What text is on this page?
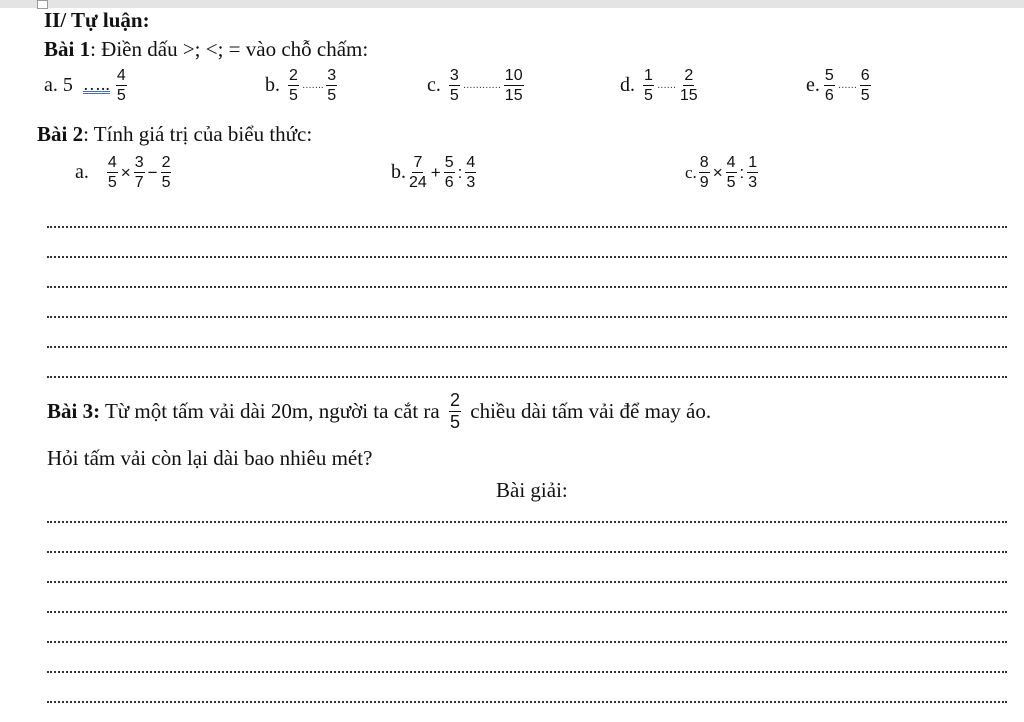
II/ Tự luận:
Bài 1: Điền dấu >; <; = vào chỗ chấm:
a. 5 ….. $\frac{4}{5}$	b. $\frac{2}{5}$ ……. $\frac{3}{5}$	c. $\frac{3}{5}$ ………… $\frac{10}{15}$	d. $\frac{1}{5}$ …… $\frac{2}{15}$	e. $\frac{5}{6}$ …… $\frac{6}{5}$
Bài 2: Tính giá trị của biểu thức:
a. $\frac{4}{5} \times \frac{3}{7} - \frac{2}{5}$	b. $\frac{7}{24} + \frac{5}{6}$ : $\frac{4}{3}$	c. $\frac{8}{9} \times \frac{4}{5}$ : $\frac{1}{3}$
Bài 3: Từ một tấm vải dài 20m, người ta cắt ra $\frac{2}{5}$ chiều dài tấm vải để may áo.
Hỏi tấm vải còn lại dài bao nhiêu mét?
Bài giải:
